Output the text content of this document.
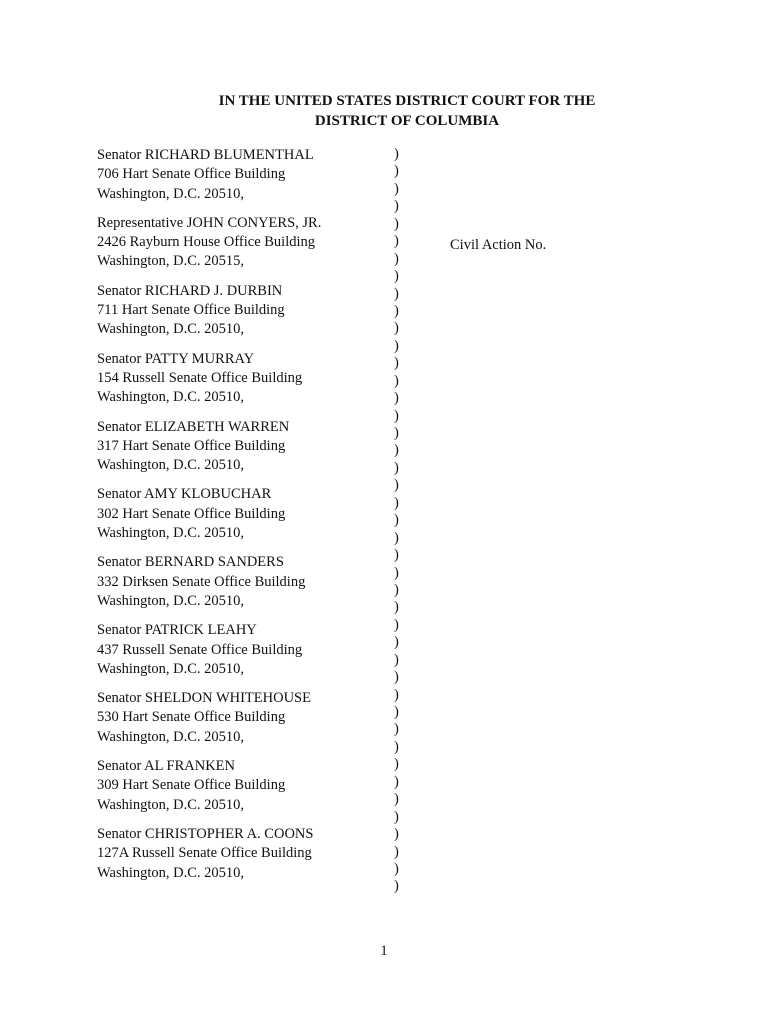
IN THE UNITED STATES DISTRICT COURT FOR THE
DISTRICT OF COLUMBIA
Senator RICHARD BLUMENTHAL
706 Hart Senate Office Building
Washington, D.C. 20510,
Representative JOHN CONYERS, JR.
2426 Rayburn House Office Building
Washington, D.C. 20515,
Senator RICHARD J. DURBIN
711 Hart Senate Office Building
Washington, D.C. 20510,
Senator PATTY MURRAY
154 Russell Senate Office Building
Washington, D.C. 20510,
Senator ELIZABETH WARREN
317 Hart Senate Office Building
Washington, D.C. 20510,
Senator AMY KLOBUCHAR
302 Hart Senate Office Building
Washington, D.C. 20510,
Senator BERNARD SANDERS
332 Dirksen Senate Office Building
Washington, D.C. 20510,
Senator PATRICK LEAHY
437 Russell Senate Office Building
Washington, D.C. 20510,
Senator SHELDON WHITEHOUSE
530 Hart Senate Office Building
Washington, D.C. 20510,
Senator AL FRANKEN
309 Hart Senate Office Building
Washington, D.C. 20510,
Senator CHRISTOPHER A. COONS
127A Russell Senate Office Building
Washington, D.C. 20510,
)
)
)
)
)
)
)
)
)
)
)
)
)
)
)
)
)
)
)
)
)
)
)
)
)
)
)
)
)
)
)
)
)
)
)
)
)
)
)
)
)
)
)
Civil Action No.
1
